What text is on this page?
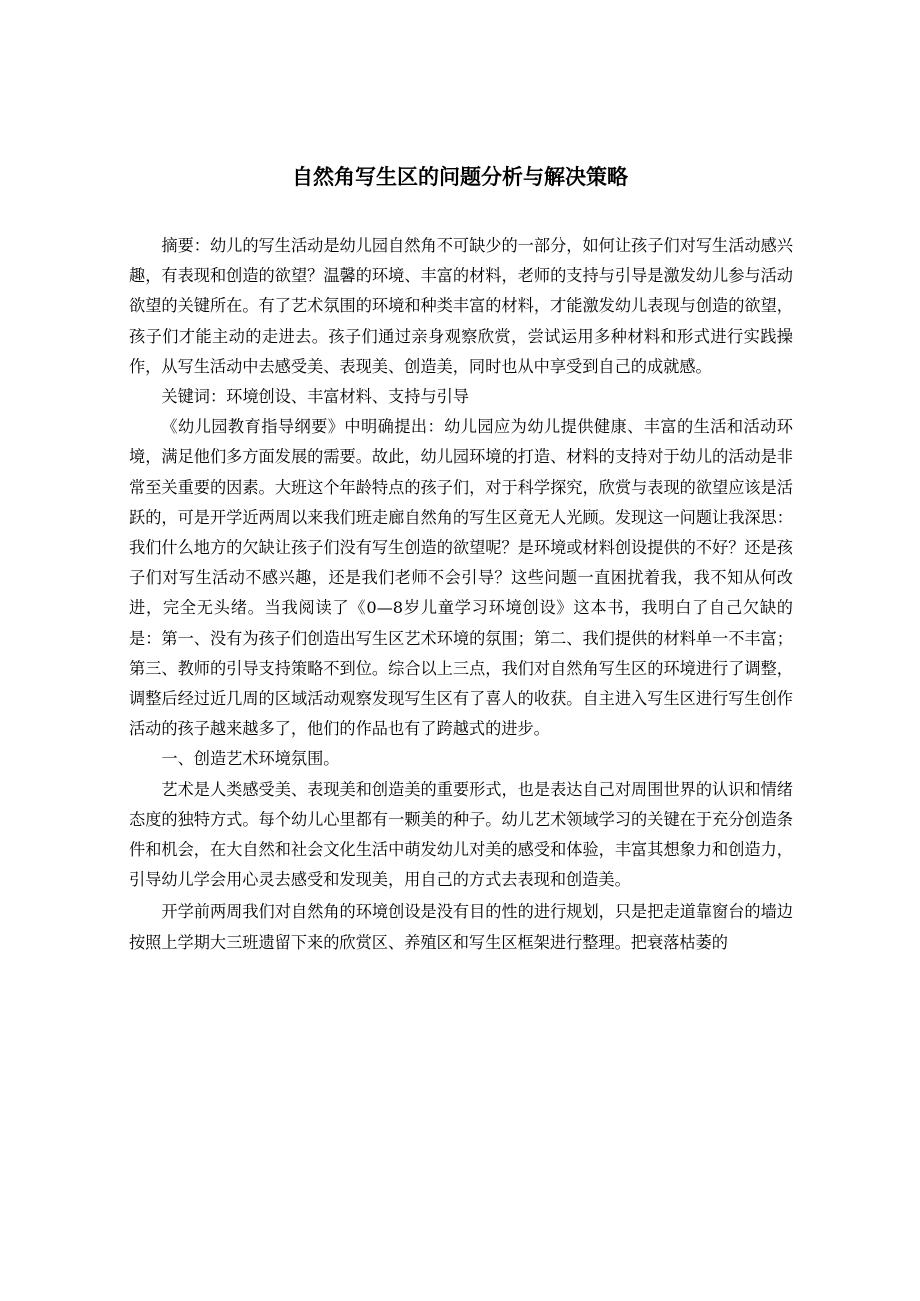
自然角写生区的问题分析与解决策略

摘要：幼儿的写生活动是幼儿园自然角不可缺少的一部分，如何让孩子们对写生活动感兴趣，有表现和创造的欲望？温馨的环境、丰富的材料，老师的支持与引导是激发幼儿参与活动欲望的关键所在。有了艺术氛围的环境和种类丰富的材料，才能激发幼儿表现与创造的欲望，孩子们才能主动的走进去。孩子们通过亲身观察欣赏，尝试运用多种材料和形式进行实践操作，从写生活动中去感受美、表现美、创造美，同时也从中享受到自己的成就感。

关键词：环境创设、丰富材料、支持与引导

《幼儿园教育指导纲要》中明确提出：幼儿园应为幼儿提供健康、丰富的生活和活动环境，满足他们多方面发展的需要。故此，幼儿园环境的打造、材料的支持对于幼儿的活动是非常至关重要的因素。大班这个年龄特点的孩子们，对于科学探究，欣赏与表现的欲望应该是活跃的，可是开学近两周以来我们班走廊自然角的写生区竟无人光顾。发现这一问题让我深思：我们什么地方的欠缺让孩子们没有写生创造的欲望呢？是环境或材料创设提供的不好？还是孩子们对写生活动不感兴趣，还是我们老师不会引导？这些问题一直困扰着我，我不知从何改进，完全无头绪。当我阅读了《0—8岁儿童学习环境创设》这本书，我明白了自己欠缺的是：第一、没有为孩子们创造出写生区艺术环境的氛围；第二、我们提供的材料单一不丰富；第三、教师的引导支持策略不到位。综合以上三点，我们对自然角写生区的环境进行了调整，调整后经过近几周的区域活动观察发现写生区有了喜人的收获。自主进入写生区进行写生创作活动的孩子越来越多了，他们的作品也有了跨越式的进步。

一、创造艺术环境氛围。

艺术是人类感受美、表现美和创造美的重要形式，也是表达自己对周围世界的认识和情绪态度的独特方式。每个幼儿心里都有一颗美的种子。幼儿艺术领域学习的关键在于充分创造条件和机会，在大自然和社会文化生活中萌发幼儿对美的感受和体验，丰富其想象力和创造力，引导幼儿学会用心灵去感受和发现美，用自己的方式去表现和创造美。

开学前两周我们对自然角的环境创设是没有目的性的进行规划，只是把走道靠窗台的墙边按照上学期大三班遗留下来的欣赏区、养殖区和写生区框架进行整理。把衰落枯萎的
